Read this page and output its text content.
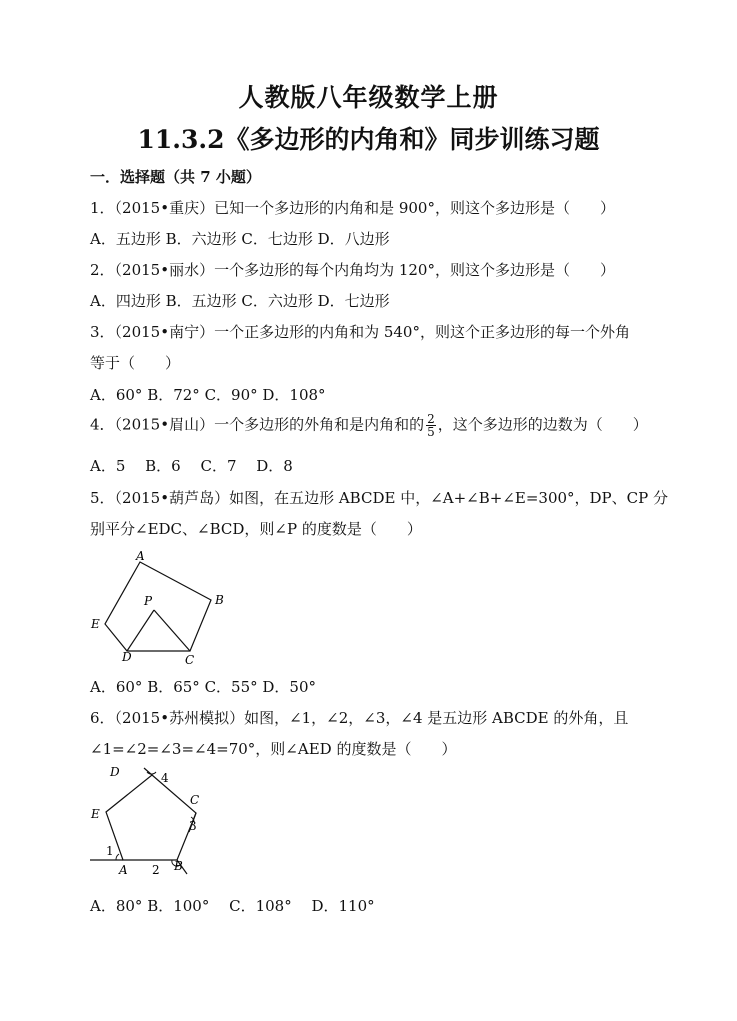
人教版八年级数学上册
11.3.2《多边形的内角和》同步训练习题
一．选择题（共 7 小题）
1．（2015•重庆）已知一个多边形的内角和是 900°，则这个多边形是（　　）
A．五边形 B．六边形 C．七边形 D．八边形
2．（2015•丽水）一个多边形的每个内角均为 120°，则这个多边形是（　　）
A．四边形 B．五边形 C．六边形 D．七边形
3．（2015•南宁）一个正多边形的内角和为 540°，则这个正多边形的每一个外角
等于（　　）
A．60° B．72° C．90° D．108°
4．（2015•眉山）一个多边形的外角和是内角和的 $\frac{2}{5}$ ，这个多边形的边数为（　　）
A．5　 B．6　 C．7　 D．8
5．（2015•葫芦岛）如图，在五边形 ABCDE 中，∠A+∠B+∠E=300°，DP、CP 分
别平分∠EDC、∠BCD，则∠P 的度数是（　　）
A
B
C
D
E
P
A．60° B．65° C．55° D．50°
6．（2015•苏州模拟）如图，∠1，∠2，∠3，∠4 是五边形 ABCDE 的外角，且
∠1=∠2=∠3=∠4=70°，则∠AED 的度数是（　　）
D	4
C
3
E
1
A 2 B
A．80° B．100°　 C．108°　 D．110°
